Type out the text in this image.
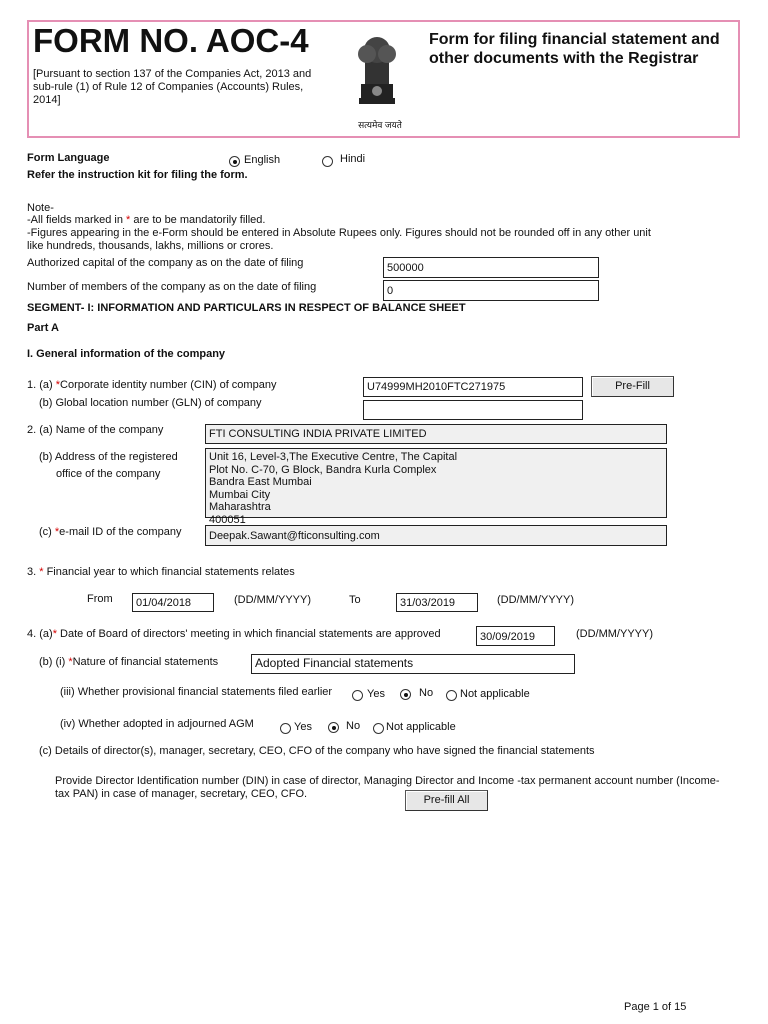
FORM NO. AOC-4
[Pursuant to section 137 of the Companies Act, 2013 and sub-rule (1) of Rule 12 of Companies (Accounts) Rules, 2014]
सत्यमेव जयते
Form for filing financial statement and other documents with the Registrar
Form Language	English	Hindi
Refer the instruction kit for filing the form.
Note-
-All fields marked in * are to be mandatorily filled.
-Figures appearing in the e-Form should be entered in Absolute Rupees only. Figures should not be rounded off in any other unit like hundreds, thousands, lakhs, millions or crores.
Authorized capital of the company as on the date of filing	500000
Number of members of the company as on the date of filing	0
SEGMENT- I: INFORMATION AND PARTICULARS IN RESPECT OF BALANCE SHEET
Part A
I. General information of the company
1. (a) *Corporate identity number (CIN) of company	U74999MH2010FTC271975	Pre-Fill
(b) Global location number (GLN) of company
2. (a) Name of the company	FTI CONSULTING INDIA PRIVATE LIMITED
(b) Address of the registered
office of the company
Unit 16, Level-3,The Executive Centre, The Capital
Plot No. C-70, G Block, Bandra Kurla Complex
Bandra East Mumbai
Mumbai City
Maharashtra
400051
(c) *e-mail ID of the company	Deepak.Sawant@fticonsulting.com
3. * Financial year to which financial statements relates
From	01/04/2018	(DD/MM/YYYY)	To	31/03/2019	(DD/MM/YYYY)
4. (a)* Date of Board of directors' meeting in which financial statements are approved	30/09/2019	(DD/MM/YYYY)
(b) (i) *Nature of financial statements	Adopted Financial statements
(iii) Whether provisional financial statements filed earlier	Yes	No Not applicable
(iv) Whether adopted in adjourned AGM	Yes	No Not applicable
(c) Details of director(s), manager, secretary, CEO, CFO of the company who have signed the financial statements
Provide Director Identification number (DIN) in case of director, Managing Director and Income -tax permanent account number (Income-tax PAN) in case of manager, secretary, CEO, CFO.
Pre-fill All
Page 1 of 15
